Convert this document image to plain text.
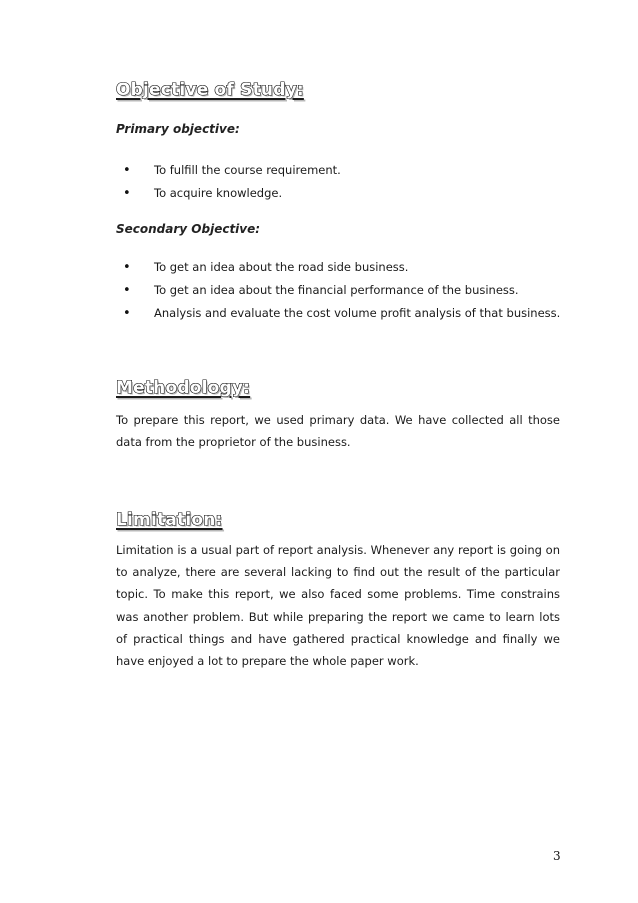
Objective of Study:
Primary objective:
• To fulfill the course requirement.
• To acquire knowledge.
Secondary Objective:
• To get an idea about the road side business.
• To get an idea about the financial performance of the business.
• Analysis and evaluate the cost volume profit analysis of that business.
Methodology:

To prepare this report, we used primary data. We have collected all those data from the proprietor of the business.

Limitation:

Limitation is a usual part of report analysis. Whenever any report is going on to analyze, there are several lacking to find out the result of the particular topic. To make this report, we also faced some problems. Time constrains was another problem. But while preparing the report we came to learn lots of practical things and have gathered practical knowledge and finally we have enjoyed a lot to prepare the whole paper work.

3
